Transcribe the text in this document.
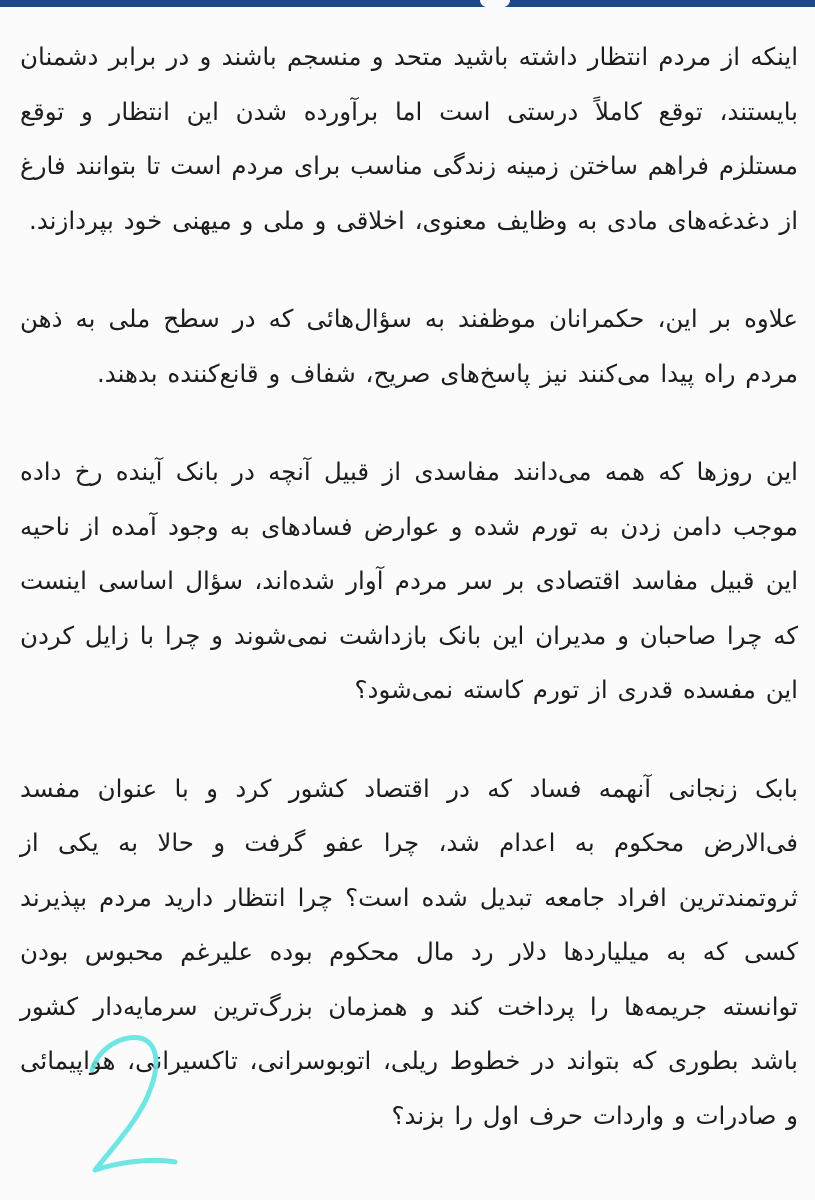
اینکه از مردم انتظار داشته باشید متحد و منسجم باشند و در برابر دشمنان بایستند، توقع کاملاً درستی است اما برآورده شدن این انتظار و توقع مستلزم فراهم ساختن زمینه زندگی مناسب برای مردم است تا بتوانند فارغ از دغدغه‌های مادی به وظایف معنوی، اخلاقی و ملی و میهنی خود بپردازند.

علاوه بر این، حکمرانان موظفند به سؤال‌هائی که در سطح ملی به ذهن مردم راه پیدا می‌کنند نیز پاسخ‌های صریح، شفاف و قانع‌کننده بدهند.

این روزها که همه می‌دانند مفاسدی از قبیل آنچه در بانک آینده رخ داده موجب دامن زدن به تورم شده و عوارض فسادهای به وجود آمده از ناحیه این قبیل مفاسد اقتصادی بر سر مردم آوار شده‌اند، سؤال اساسی اینست که چرا صاحبان و مدیران این بانک بازداشت نمی‌شوند و چرا با زایل کردن این مفسده قدری از تورم کاسته نمی‌شود؟

بابک زنجانی آنهمه فساد که در اقتصاد کشور کرد و با عنوان مفسد فی‌الارض محکوم به اعدام شد، چرا عفو گرفت و حالا به یکی از ثروتمندترین افراد جامعه تبدیل شده است؟ چرا انتظار دارید مردم بپذیرند کسی که به میلیاردها دلار رد مال محکوم بوده علیرغم محبوس بودن توانسته جریمه‌ها را پرداخت کند و همزمان بزرگ‌ترین سرمایه‌دار کشور باشد بطوری که بتواند در خطوط ریلی، اتوبوسرانی، تاکسیرانی، هواپیمائی و صادرات و واردات حرف اول را بزند؟
